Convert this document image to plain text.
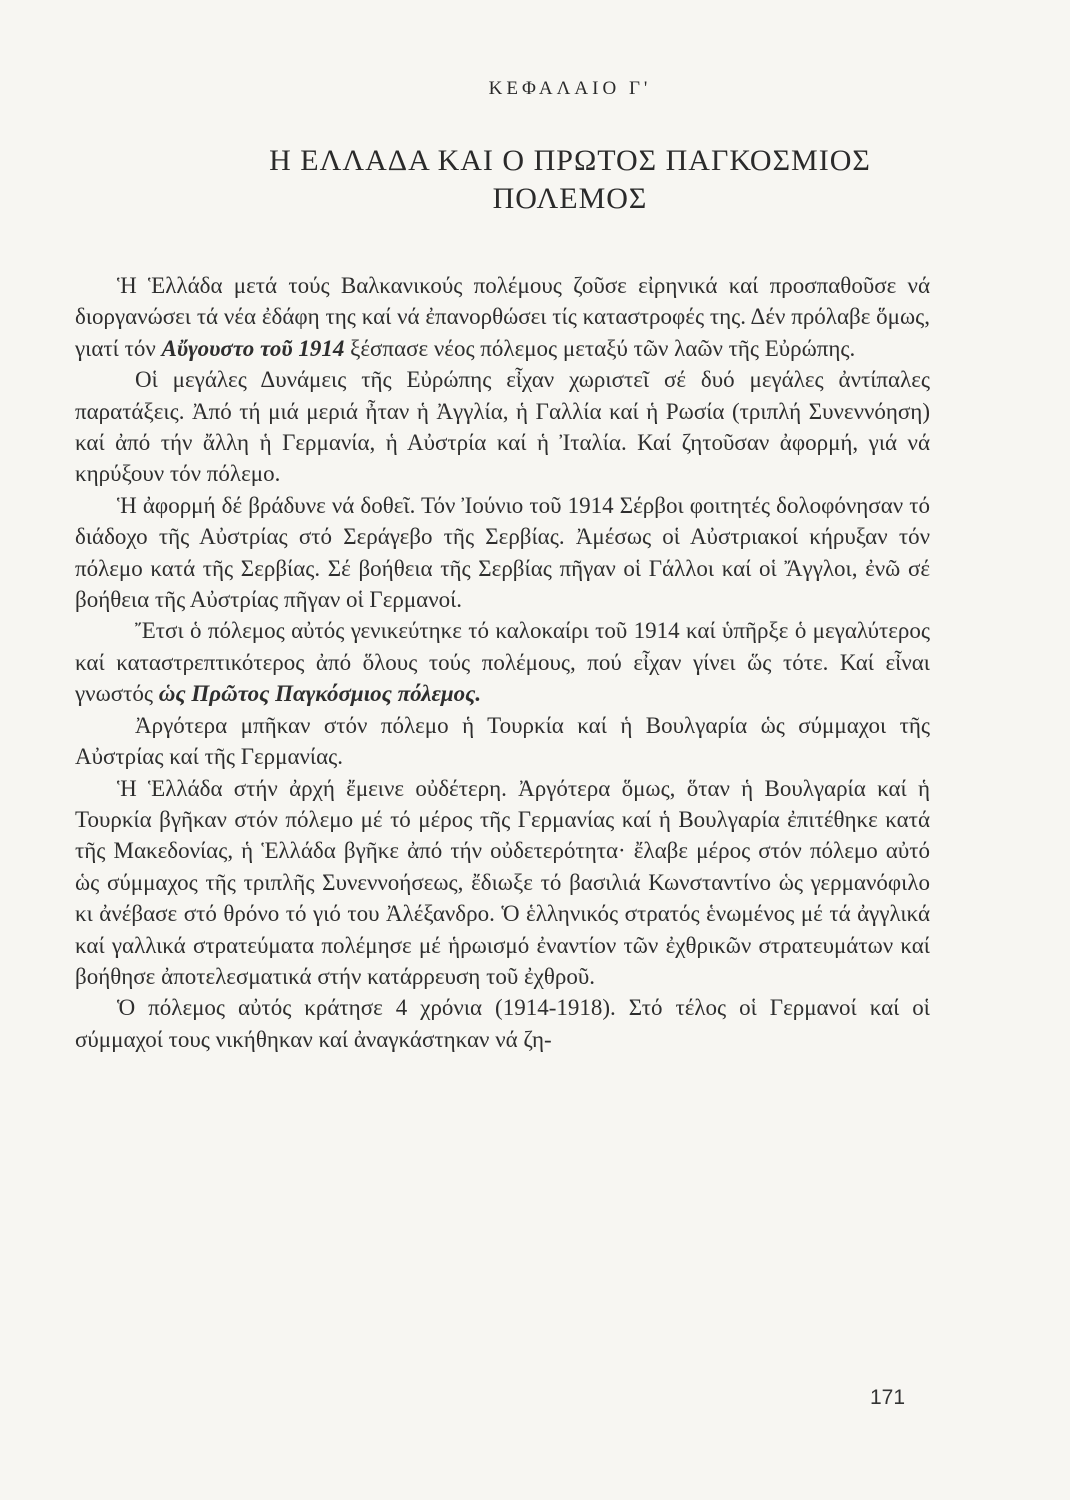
ΚΕΦΑΛΑΙΟ Γ'
Η ΕΛΛΑΔΑ ΚΑΙ Ο ΠΡΩΤΟΣ ΠΑΓΚΟΣΜΙΟΣ
ΠΟΛΕΜΟΣ

Ἡ Ἑλλάδα μετά τούς Βαλκανικούς πολέμους ζοῦσε εἰρηνικά καί προσπαθοῦσε νά διοργανώσει τά νέα ἐδάφη της καί νά ἐπανορθώσει τίς καταστροφές της. Δέν πρόλαβε ὅμως, γιατί τόν Αὔγουστο τοῦ 1914 ξέσπασε νέος πόλεμος μεταξύ τῶν λαῶν τῆς Εὐρώπης.

Οἱ μεγάλες Δυνάμεις τῆς Εὐρώπης εἶχαν χωριστεῖ σέ δυό μεγάλες ἀντίπαλες παρατάξεις. Ἀπό τή μιά μεριά ἦταν ἡ Ἀγγλία, ἡ Γαλλία καί ἡ Ρωσία (τριπλή Συνεννόηση) καί ἀπό τήν ἄλλη ἡ Γερμανία, ἡ Αὐστρία καί ἡ Ἰταλία. Καί ζητοῦσαν ἀφορμή, γιά νά κηρύξουν τόν πόλεμο.

Ἡ ἀφορμή δέ βράδυνε νά δοθεῖ. Τόν Ἰούνιο τοῦ 1914 Σέρβοι φοιτητές δολοφόνησαν τό διάδοχο τῆς Αὐστρίας στό Σεράγεβο τῆς Σερβίας. Ἀμέσως οἱ Αὐστριακοί κήρυξαν τόν πόλεμο κατά τῆς Σερβίας. Σέ βοήθεια τῆς Σερβίας πῆγαν οἱ Γάλλοι καί οἱ Ἄγγλοι, ἐνῶ σέ βοήθεια τῆς Αὐστρίας πῆγαν οἱ Γερμανοί.

Ἔτσι ὁ πόλεμος αὐτός γενικεύτηκε τό καλοκαίρι τοῦ 1914 καί ὑπῆρξε ὁ μεγαλύτερος καί καταστρεπτικότερος ἀπό ὅλους τούς πολέμους, πού εἶχαν γίνει ὥς τότε. Καί εἶναι γνωστός ὡς Πρῶτος Παγκόσμιος πόλεμος.

Ἀργότερα μπῆκαν στόν πόλεμο ἡ Τουρκία καί ἡ Βουλγαρία ὡς σύμμαχοι τῆς Αὐστρίας καί τῆς Γερμανίας.

Ἡ Ἑλλάδα στήν ἀρχή ἔμεινε οὐδέτερη. Ἀργότερα ὅμως, ὅταν ἡ Βουλγαρία καί ἡ Τουρκία βγῆκαν στόν πόλεμο μέ τό μέρος τῆς Γερμανίας καί ἡ Βουλγαρία ἐπιτέθηκε κατά τῆς Μακεδονίας, ἡ Ἑλλάδα βγῆκε ἀπό τήν οὐδετερότητα· ἔλαβε μέρος στόν πόλεμο αὐτό ὡς σύμμαχος τῆς τριπλῆς Συνεννοήσεως, ἔδιωξε τό βασιλιά Κωνσταντίνο ὡς γερμανόφιλο κι ἀνέβασε στό θρόνο τό γιό του Ἀλέξανδρο. Ὁ ἑλληνικός στρατός ἑνωμένος μέ τά ἀγγλικά καί γαλλικά στρατεύματα πολέμησε μέ ἡρωισμό ἐναντίον τῶν ἐχθρικῶν στρατευμάτων καί βοήθησε ἀποτελεσματικά στήν κατάρρευση τοῦ ἐχθροῦ.

Ὁ πόλεμος αὐτός κράτησε 4 χρόνια (1914-1918). Στό τέλος οἱ Γερμανοί καί οἱ σύμμαχοί τους νικήθηκαν καί ἀναγκάστηκαν νά ζη-

171
